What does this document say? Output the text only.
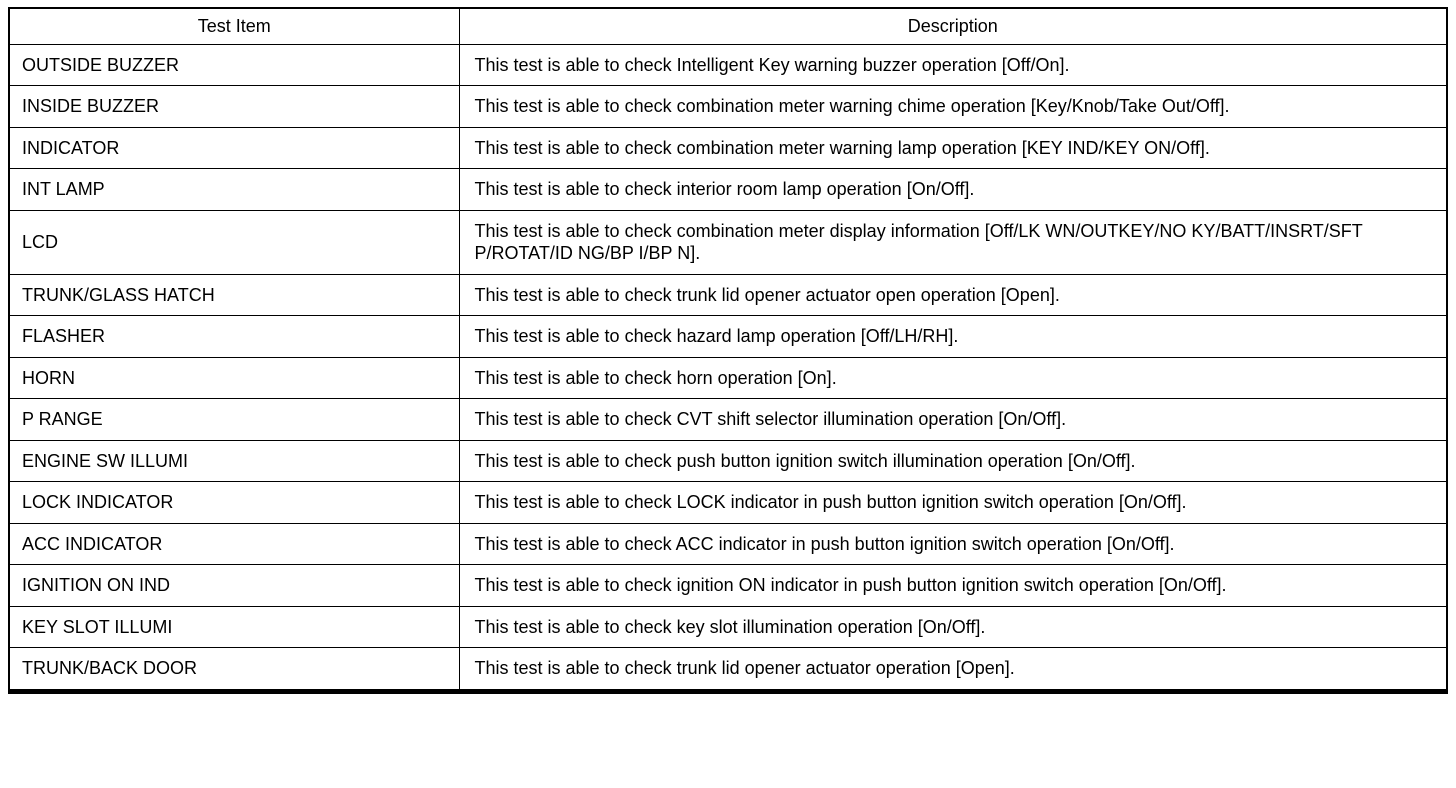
Test Item	Description
OUTSIDE BUZZER	This test is able to check Intelligent Key warning buzzer operation [Off/On].
INSIDE BUZZER	This test is able to check combination meter warning chime operation [Key/Knob/Take Out/Off].
INDICATOR	This test is able to check combination meter warning lamp operation [KEY IND/KEY ON/Off].
INT LAMP	This test is able to check interior room lamp operation [On/Off].
LCD	This test is able to check combination meter display information [Off/LK WN/OUTKEY/NO KY/BATT/INSRT/SFT P/ROTAT/ID NG/BP I/BP N].
TRUNK/GLASS HATCH	This test is able to check trunk lid opener actuator open operation [Open].
FLASHER	This test is able to check hazard lamp operation [Off/LH/RH].
HORN	This test is able to check horn operation [On].
P RANGE	This test is able to check CVT shift selector illumination operation [On/Off].
ENGINE SW ILLUMI	This test is able to check push button ignition switch illumination operation [On/Off].
LOCK INDICATOR	This test is able to check LOCK indicator in push button ignition switch operation [On/Off].
ACC INDICATOR	This test is able to check ACC indicator in push button ignition switch operation [On/Off].
IGNITION ON IND	This test is able to check ignition ON indicator in push button ignition switch operation [On/Off].
KEY SLOT ILLUMI	This test is able to check key slot illumination operation [On/Off].
TRUNK/BACK DOOR	This test is able to check trunk lid opener actuator operation [Open].
